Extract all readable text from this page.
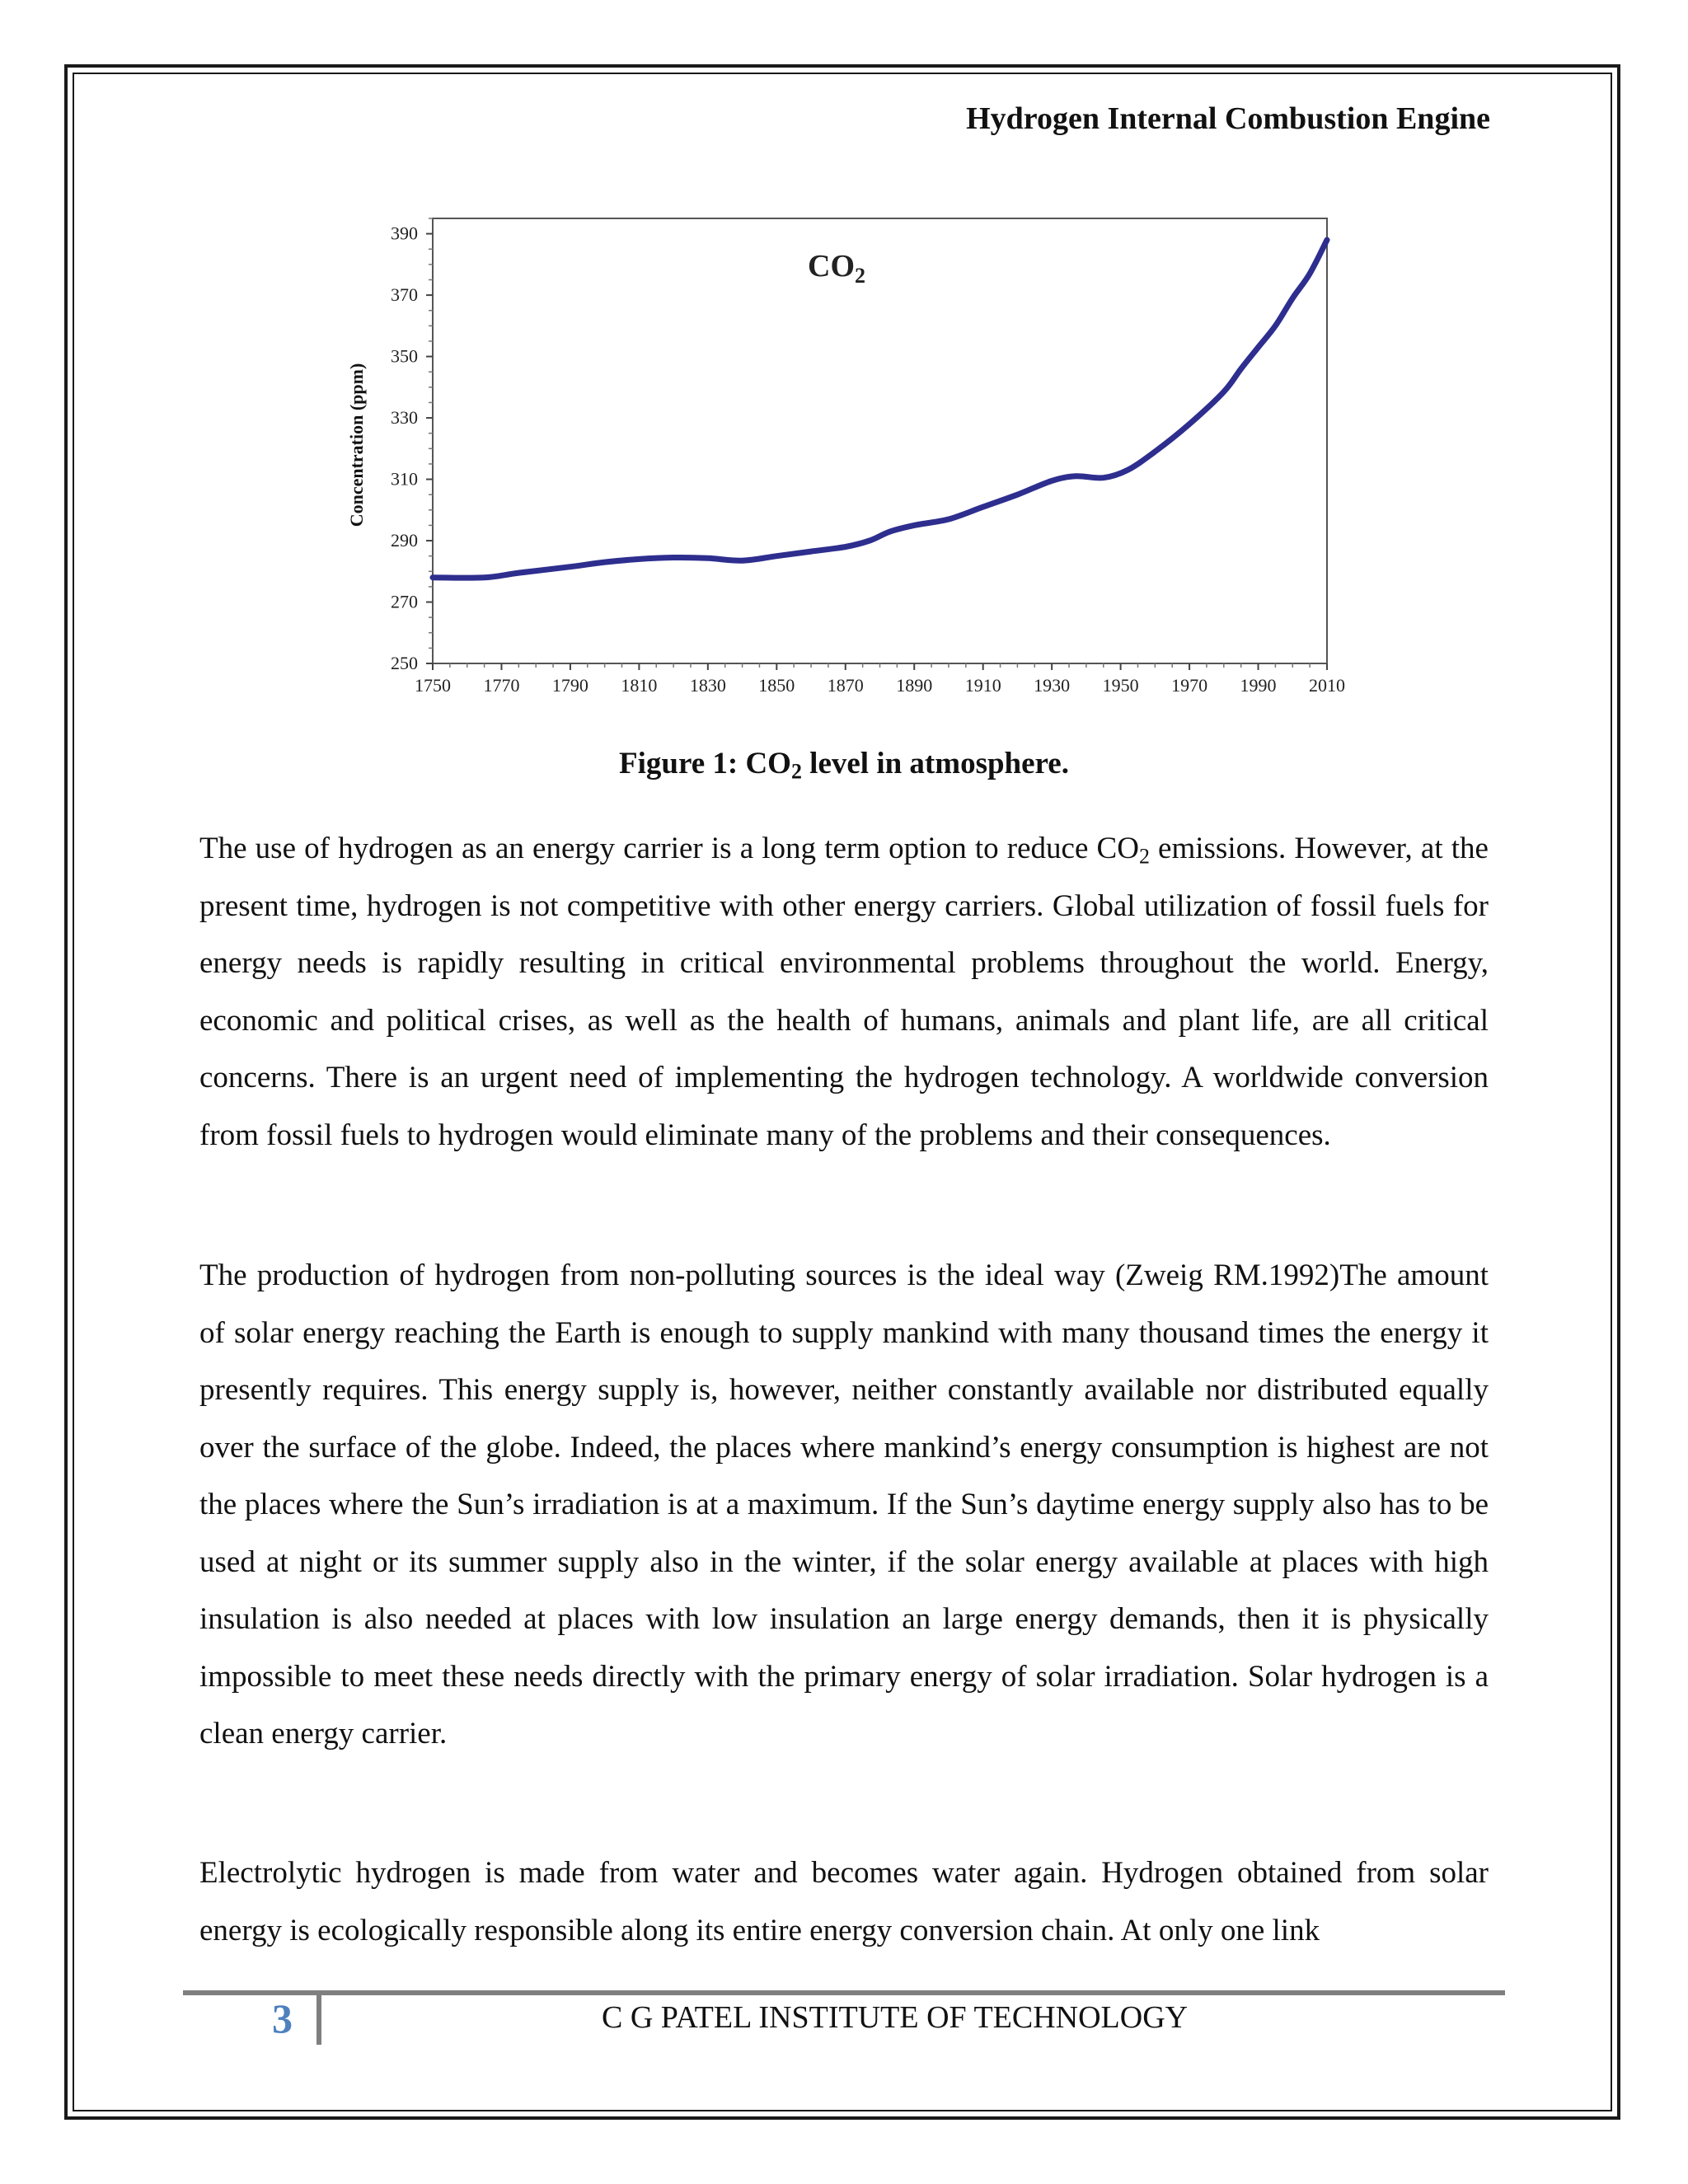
Hydrogen Internal Combustion Engine
250
270
290
310
330
350
370
390
1750 1770 1790 1810 1830 1850 1870 1890 1910 1930 1950 1970 1990 2010
Concentration (ppm)
$CO_2$

Figure 1: $CO_2$ level in atmosphere.

The use of hydrogen as an energy carrier is a long term option to reduce $CO_2$ emissions. However, at the present time, hydrogen is not competitive with other energy carriers. Global utilization of fossil fuels for energy needs is rapidly resulting in critical environmental problems throughout the world. Energy, economic and political crises, as well as the health of humans, animals and plant life, are all critical concerns. There is an urgent need of implementing the hydrogen technology. A worldwide conversion from fossil fuels to hydrogen would eliminate many of the problems and their consequences.

The production of hydrogen from non-polluting sources is the ideal way (Zweig RM.1992)The amount of solar energy reaching the Earth is enough to supply mankind with many thousand times the energy it presently requires. This energy supply is, however, neither constantly available nor distributed equally over the surface of the globe. Indeed, the places where mankind’s energy consumption is highest are not the places where the Sun’s irradiation is at a maximum. If the Sun’s daytime energy supply also has to be used at night or its summer supply also in the winter, if the solar energy available at places with high insulation is also needed at places with low insulation an large energy demands, then it is physically impossible to meet these needs directly with the primary energy of solar irradiation. Solar hydrogen is a clean energy carrier.

Electrolytic hydrogen is made from water and becomes water again. Hydrogen obtained from solar energy is ecologically responsible along its entire energy conversion chain. At only one link

3	C G PATEL INSTITUTE OF TECHNOLOGY
